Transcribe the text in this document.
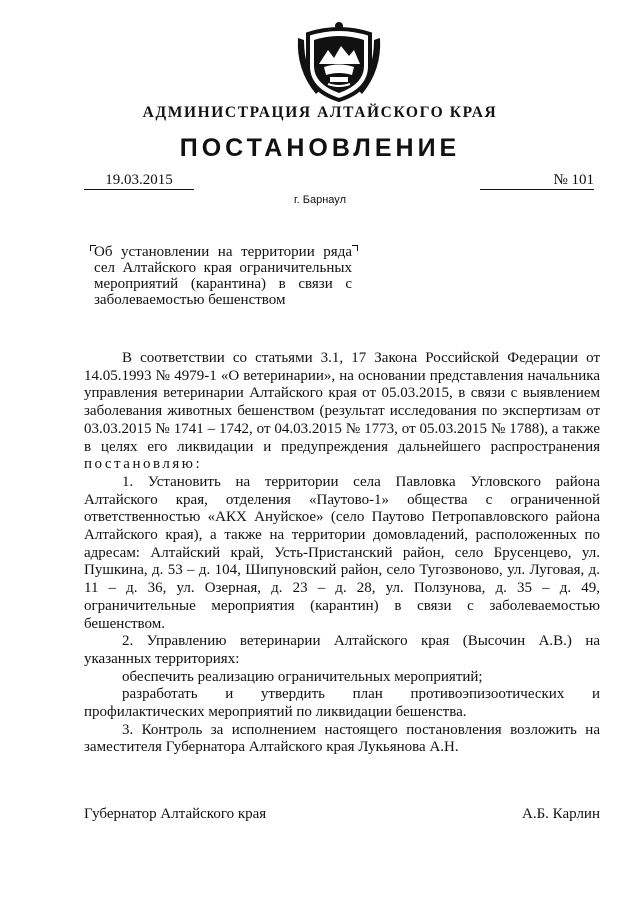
АДМИНИСТРАЦИЯ АЛТАЙСКОГО КРАЯ
ПОСТАНОВЛЕНИЕ
19.03.2015	№ 101
г. Барнаул
Об установлении на территории ряда сел Алтайского края ограничительных мероприятий (карантина) в связи с заболеваемостью бешенством

В соответствии со статьями 3.1, 17 Закона Российской Федерации от 14.05.1993 № 4979-1 «О ветеринарии», на основании представления начальника управления ветеринарии Алтайского края от 05.03.2015, в связи с выявлением заболевания животных бешенством (результат исследования по экспертизам от 03.03.2015 № 1741 – 1742, от 04.03.2015 № 1773, от 05.03.2015 № 1788), а также в целях его ликвидации и предупреждения дальнейшего распространения постановляю:

1. Установить на территории села Павловка Угловского района Алтайского края, отделения «Паутово-1» общества с ограниченной ответственностью «АКХ Ануйское» (село Паутово Петропавловского района Алтайского края), а также на территории домовладений, расположенных по адресам: Алтайский край, Усть-Пристанский район, село Брусенцево, ул. Пушкина, д. 53 – д. 104, Шипуновский район, село Тугозвоново, ул. Луговая, д. 11 – д. 36, ул. Озерная, д. 23 – д. 28, ул. Ползунова, д. 35 – д. 49, ограничительные мероприятия (карантин) в связи с заболеваемостью бешенством.

2. Управлению ветеринарии Алтайского края (Высочин А.В.) на указанных территориях:

обеспечить реализацию ограничительных мероприятий;

разработать и утвердить план противоэпизоотических и профилактических мероприятий по ликвидации бешенства.

3. Контроль за исполнением настоящего постановления возложить на заместителя Губернатора Алтайского края Лукьянова А.Н.

Губернатор Алтайского края	А.Б. Карлин
